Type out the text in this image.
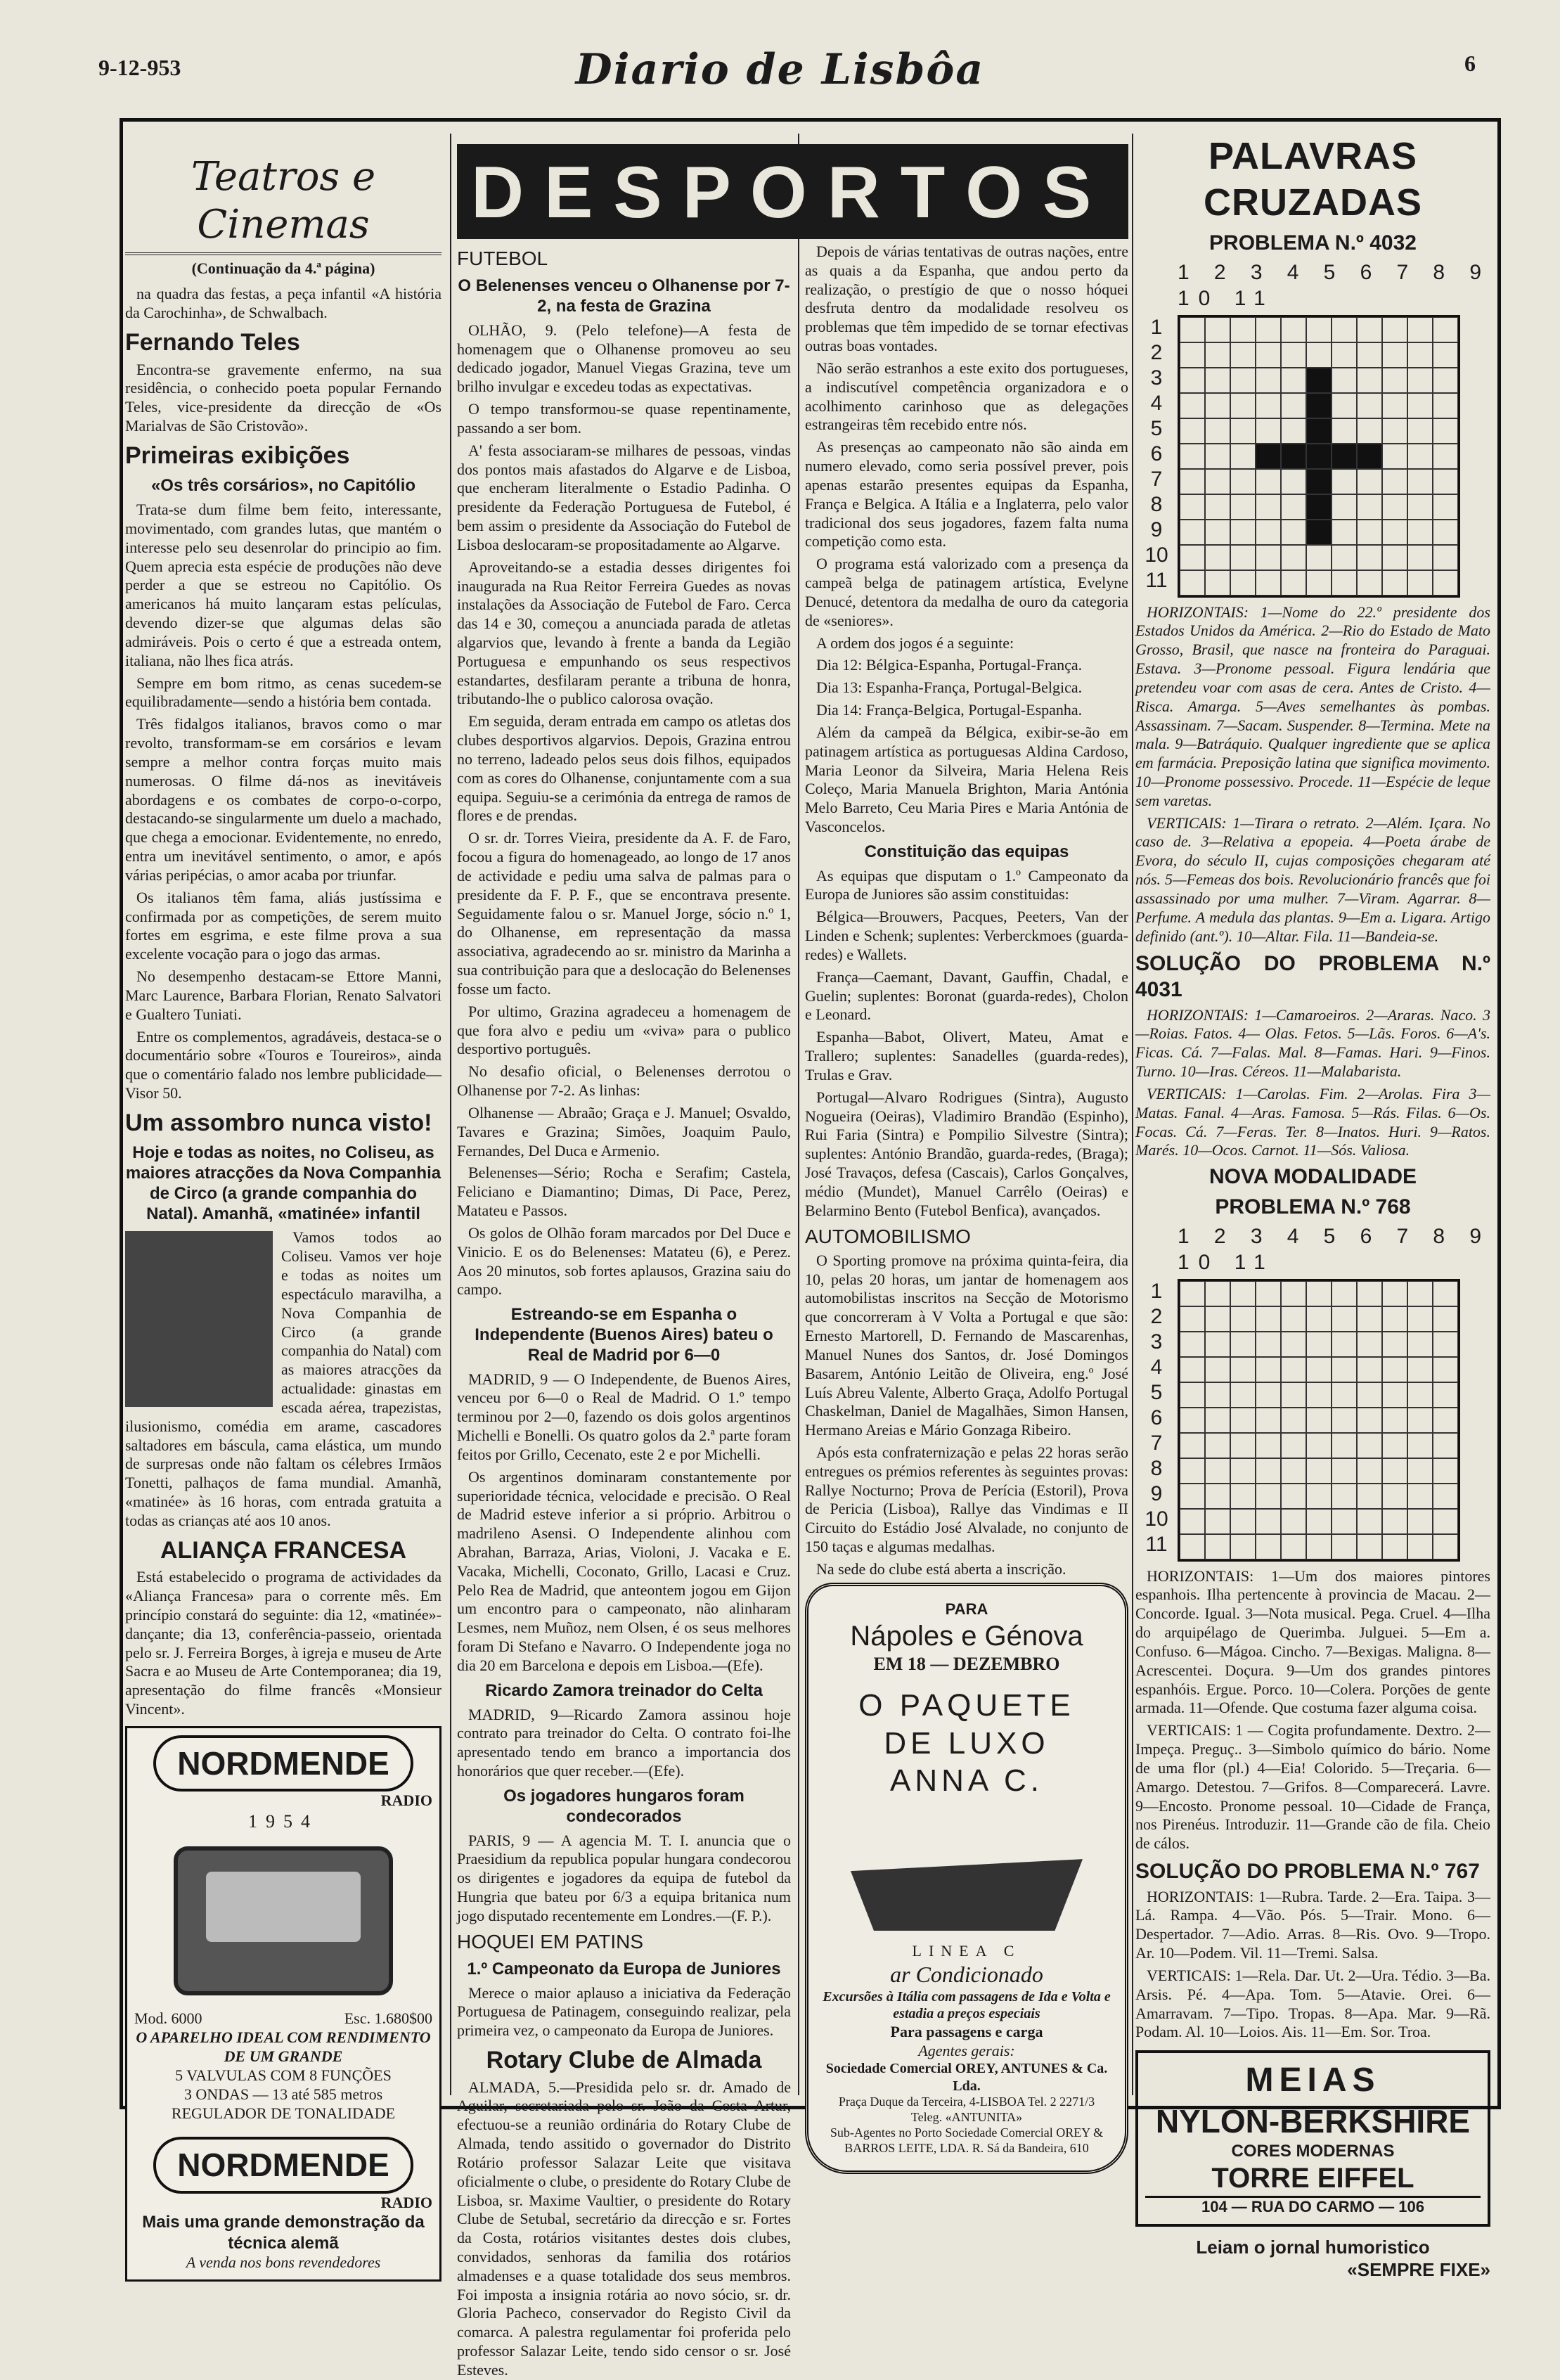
9-12-953	Diario de Lisbôa	6
Teatros e Cinemas
(Continuação da 4.ª página)

na quadra das festas, a peça infantil «A história da Carochinha», de Schwalbach.

Fernando Teles

Encontra-se gravemente enfermo, na sua residência, o conhecido poeta popular Fernando Teles, vice-presidente da direcção de «Os Marialvas de São Cristovão».

Primeiras exibições
«Os três corsários», no Capitólio

Trata-se dum filme bem feito, interessante, movimentado, com grandes lutas, que mantém o interesse pelo seu desenrolar do principio ao fim. Quem aprecia esta espécie de produções não deve perder a que se estreou no Capitólio. Os americanos há muito lançaram estas películas, devendo dizer-se que algumas delas são admiráveis. Pois o certo é que a estreada ontem, italiana, não lhes fica atrás.

Sempre em bom ritmo, as cenas sucedem-se equilibradamente—sendo a história bem contada.

Três fidalgos italianos, bravos como o mar revolto, transformam-se em corsários e levam sempre a melhor contra forças muito mais numerosas. O filme dá-nos as inevitáveis abordagens e os combates de corpo-o-corpo, destacando-se singularmente um duelo a machado, que chega a emocionar. Evidentemente, no enredo, entra um inevitável sentimento, o amor, e após várias peripécias, o amor acaba por triunfar.

Os italianos têm fama, aliás justíssima e confirmada por as competições, de serem muito fortes em esgrima, e este filme prova a sua excelente vocação para o jogo das armas.

No desempenho destacam-se Ettore Manni, Marc Laurence, Barbara Florian, Renato Salvatori e Gualtero Tuniati.

Entre os complementos, agradáveis, destaca-se o documentário sobre «Touros e Toureiros», ainda que o comentário falado nos lembre publicidade—Visor 50.

Um assombro nunca visto!
Hoje e todas as noites, no Coliseu, as maiores atracções da Nova Companhia de Circo (a grande companhia do Natal). Amanhã, «matinée» infantil

Vamos todos ao Coliseu. Vamos ver hoje e todas as noites um espectáculo maravilha, a Nova Companhia de Circo (a grande companhia do Natal) com as maiores atracções da actualidade: ginastas em escada aérea, trapezistas, ilusionismo, comédia em arame, cascadores saltadores em báscula, cama elástica, um mundo de surpresas onde não faltam os célebres Irmãos Tonetti, palhaços de fama mundial. Amanhã, «matinée» às 16 horas, com entrada gratuita a todas as crianças até aos 10 anos.

ALIANÇA FRANCESA

Está estabelecido o programa de actividades da «Aliança Francesa» para o corrente mês. Em princípio constará do seguinte: dia 12, «matinée»-dançante; dia 13, conferência-passeio, orientada pelo sr. J. Ferreira Borges, à igreja e museu de Arte Sacra e ao Museu de Arte Contemporanea; dia 19, apresentação do filme francês «Monsieur Vincent».

NORDMENDE
RADIO
1954
Mod. 6000	Esc. 1.680$00
O APARELHO IDEAL COM RENDIMENTO DE UM GRANDE
5 VALVULAS COM 8 FUNÇÕES
3 ONDAS — 13 até 585 metros
REGULADOR DE TONALIDADE
NORDMENDE
RADIO
Mais uma grande demonstração da técnica alemã
A venda nos bons revendedores
D E S P O R T O S
FUTEBOL
O Belenenses venceu o Olhanense por 7-2, na festa de Grazina

OLHÃO, 9. (Pelo telefone)—A festa de homenagem que o Olhanense promoveu ao seu dedicado jogador, Manuel Viegas Grazina, teve um brilho invulgar e excedeu todas as expectativas.

O tempo transformou-se quase repentinamente, passando a ser bom.

A' festa associaram-se milhares de pessoas, vindas dos pontos mais afastados do Algarve e de Lisboa, que encheram literalmente o Estadio Padinha. O presidente da Federação Portuguesa de Futebol, é bem assim o presidente da Associação do Futebol de Lisboa deslocaram-se propositadamente ao Algarve.

Aproveitando-se a estadia desses dirigentes foi inaugurada na Rua Reitor Ferreira Guedes as novas instalações da Associação de Futebol de Faro. Cerca das 14 e 30, começou a anunciada parada de atletas algarvios que, levando à frente a banda da Legião Portuguesa e empunhando os seus respectivos estandartes, desfilaram perante a tribuna de honra, tributando-lhe o publico calorosa ovação.

Em seguida, deram entrada em campo os atletas dos clubes desportivos algarvios. Depois, Grazina entrou no terreno, ladeado pelos seus dois filhos, equipados com as cores do Olhanense, conjuntamente com a sua equipa. Seguiu-se a cerimónia da entrega de ramos de flores e de prendas.

O sr. dr. Torres Vieira, presidente da A. F. de Faro, focou a figura do homenageado, ao longo de 17 anos de actividade e pediu uma salva de palmas para o presidente da F. P. F., que se encontrava presente. Seguidamente falou o sr. Manuel Jorge, sócio n.º 1, do Olhanense, em representação da massa associativa, agradecendo ao sr. ministro da Marinha a sua contribuição para que a deslocação do Belenenses fosse um facto.

Por ultimo, Grazina agradeceu a homenagem de que fora alvo e pediu um «viva» para o publico desportivo português.

No desafio oficial, o Belenenses derrotou o Olhanense por 7-2. As linhas:

Olhanense — Abraão; Graça e J. Manuel; Osvaldo, Tavares e Grazina; Simões, Joaquim Paulo, Fernandes, Del Duca e Armenio.

Belenenses—Sério; Rocha e Serafim; Castela, Feliciano e Diamantino; Dimas, Di Pace, Perez, Matateu e Passos.

Os golos de Olhão foram marcados por Del Duce e Vinicio. E os do Belenenses: Matateu (6), e Perez. Aos 20 minutos, sob fortes aplausos, Grazina saiu do campo.

Estreando-se em Espanha o Independente (Buenos Aires) bateu o Real de Madrid por 6—0

MADRID, 9 — O Independente, de Buenos Aires, venceu por 6—0 o Real de Madrid. O 1.º tempo terminou por 2—0, fazendo os dois golos argentinos Michelli e Bonelli. Os quatro golos da 2.ª parte foram feitos por Grillo, Cecenato, este 2 e por Michelli.

Os argentinos dominaram constantemente por superioridade técnica, velocidade e precisão. O Real de Madrid esteve inferior a si próprio. Arbitrou o madrileno Asensi. O Independente alinhou com Abrahan, Barraza, Arias, Violoni, J. Vacaka e E. Vacaka, Michelli, Coconato, Grillo, Lacasi e Cruz. Pelo Rea de Madrid, que anteontem jogou em Gijon um encontro para o campeonato, não alinharam Lesmes, nem Muñoz, nem Olsen, é os seus melhores foram Di Stefano e Navarro. O Independente joga no dia 20 em Barcelona e depois em Lisboa.—(Efe).

Ricardo Zamora treinador do Celta

MADRID, 9—Ricardo Zamora assinou hoje contrato para treinador do Celta. O contrato foi-lhe apresentado tendo em branco a importancia dos honorários que quer receber.—(Efe).

Os jogadores hungaros foram condecorados

PARIS, 9 — A agencia M. T. I. anuncia que o Praesidium da republica popular hungara condecorou os dirigentes e jogadores da equipa de futebol da Hungria que bateu por 6/3 a equipa britanica num jogo disputado recentemente em Londres.—(F. P.).

HOQUEI EM PATINS
1.º Campeonato da Europa de Juniores

Merece o maior aplauso a iniciativa da Federação Portuguesa de Patinagem, conseguindo realizar, pela primeira vez, o campeonato da Europa de Juniores.

Rotary Clube de Almada

ALMADA, 5.—Presidida pelo sr. dr. Amado de Aguilar, secretariada pelo sr. João da Costa Artur, efectuou-se a reunião ordinária do Rotary Clube de Almada, tendo assitido o governador do Distrito Rotário professor Salazar Leite que visitava oficialmente o clube, o presidente do Rotary Clube de Lisboa, sr. Maxime Vaultier, o presidente do Rotary Clube de Setubal, secretário da direcção e sr. Fortes da Costa, rotários visitantes destes dois clubes, convidados, senhoras da familia dos rotários almadenses e a quase totalidade dos seus membros. Foi imposta a insignia rotária ao novo sócio, sr. dr. Gloria Pacheco, conservador do Registo Civil da comarca. A palestra regulamentar foi proferida pelo professor Salazar Leite, tendo sido censor o sr. José Esteves.

Depois de várias tentativas de outras nações, entre as quais a da Espanha, que andou perto da realização, o prestígio de que o nosso hóquei desfruta dentro da modalidade resolveu os problemas que têm impedido de se tornar efectivas outras boas vontades.

Não serão estranhos a este exito dos portugueses, a indiscutível competência organizadora e o acolhimento carinhoso que as delegações estrangeiras têm recebido entre nós.

As presenças ao campeonato não são ainda em numero elevado, como seria possível prever, pois apenas estarão presentes equipas da Espanha, França e Belgica. A Itália e a Inglaterra, pelo valor tradicional dos seus jogadores, fazem falta numa competição como esta.

O programa está valorizado com a presença da campeã belga de patinagem artística, Evelyne Denucé, detentora da medalha de ouro da categoria de «seniores».

A ordem dos jogos é a seguinte:

Dia 12: Bélgica-Espanha, Portugal-França.

Dia 13: Espanha-França, Portugal-Belgica.

Dia 14: França-Belgica, Portugal-Espanha.

Além da campeã da Bélgica, exibir-se-ão em patinagem artística as portuguesas Aldina Cardoso, Maria Leonor da Silveira, Maria Helena Reis Coleço, Maria Manuela Brighton, Maria Antónia Melo Barreto, Ceu Maria Pires e Maria Antónia de Vasconcelos.

Constituição das equipas

As equipas que disputam o 1.º Campeonato da Europa de Juniores são assim constituidas:

Bélgica—Brouwers, Pacques, Peeters, Van der Linden e Schenk; suplentes: Verberckmoes (guarda-redes) e Wallets.

França—Caemant, Davant, Gauffin, Chadal, e Guelin; suplentes: Boronat (guarda-redes), Cholon e Leonard.

Espanha—Babot, Olivert, Mateu, Amat e Trallero; suplentes: Sanadelles (guarda-redes), Trulas e Grav.

Portugal—Alvaro Rodrigues (Sintra), Augusto Nogueira (Oeiras), Vladimiro Brandão (Espinho), Rui Faria (Sintra) e Pompilio Silvestre (Sintra); suplentes: António Brandão, guarda-redes, (Braga); José Travaços, defesa (Cascais), Carlos Gonçalves, médio (Mundet), Manuel Carrêlo (Oeiras) e Belarmino Bento (Futebol Benfica), avançados.

AUTOMOBILISMO

O Sporting promove na próxima quinta-feira, dia 10, pelas 20 horas, um jantar de homenagem aos automobilistas inscritos na Secção de Motorismo que concorreram à V Volta a Portugal e que são: Ernesto Martorell, D. Fernando de Mascarenhas, Manuel Nunes dos Santos, dr. José Domingos Basarem, António Leitão de Oliveira, eng.º José Luís Abreu Valente, Alberto Graça, Adolfo Portugal Chaskelman, Daniel de Magalhães, Simon Hansen, Hermano Areias e Mário Gonzaga Ribeiro.

Após esta confraternização e pelas 22 horas serão entregues os prémios referentes às seguintes provas: Rallye Nocturno; Prova de Perícia (Estoril), Prova de Pericia (Lisboa), Rallye das Vindimas e II Circuito do Estádio José Alvalade, no conjunto de 150 taças e algumas medalhas.

Na sede do clube está aberta a inscrição.

PARA
Nápoles e Génova
EM 18 — DEZEMBRO
O PAQUETE
DE LUXO
ANNA C.
LINEA C
ar Condicionado
Excursões à Itália com passagens de Ida e Volta e estadia a preços especiais
Para passagens e carga
Agentes gerais:
Sociedade Comercial OREY, ANTUNES & Ca. Lda.
Praça Duque da Terceira, 4-LISBOA Tel. 2 2271/3 Teleg. «ANTUNITA»
Sub-Agentes no Porto Sociedade Comercial OREY & BARROS LEITE, LDA. R. Sá da Bandeira, 610
PALAVRAS CRUZADAS
PROBLEMA N.º 4032
1 2 3 4 5 6 7 8 9 10 11
1
2
3
4
5
6
7
8
9
10
11

HORIZONTAIS: 1—Nome do 22.º presidente dos Estados Unidos da América. 2—Rio do Estado de Mato Grosso, Brasil, que nasce na fronteira do Paraguai. Estava. 3—Pronome pessoal. Figura lendária que pretendeu voar com asas de cera. Antes de Cristo. 4—Risca. Amarga. 5—Aves semelhantes às pombas. Assassinam. 7—Sacam. Suspender. 8—Termina. Mete na mala. 9—Batráquio. Qualquer ingrediente que se aplica em farmácia. Preposição latina que significa movimento. 10—Pronome possessivo. Procede. 11—Espécie de leque sem varetas.

VERTICAIS: 1—Tirara o retrato. 2—Além. Içara. No caso de. 3—Relativa a epopeia. 4—Poeta árabe de Evora, do século II, cujas composições chegaram até nós. 5—Femeas dos bois. Revolucionário francês que foi assassinado por uma mulher. 7—Viram. Agarrar. 8—Perfume. A medula das plantas. 9—Em a. Ligara. Artigo definido (ant.º). 10—Altar. Fila. 11—Bandeia-se.

SOLUÇÃO DO PROBLEMA N.º 4031

HORIZONTAIS: 1—Camaroeiros. 2—Araras. Naco. 3—Roias. Fatos. 4— Olas. Fetos. 5—Lãs. Foros. 6—A's. Ficas. Cá. 7—Falas. Mal. 8—Famas. Hari. 9—Finos. Turno. 10—Iras. Céreos. 11—Malabarista.

VERTICAIS: 1—Carolas. Fim. 2—Arolas. Fira 3—Matas. Fanal. 4—Aras. Famosa. 5—Rás. Filas. 6—Os. Focas. Cá. 7—Feras. Ter. 8—Inatos. Huri. 9—Ratos. Marés. 10—Ocos. Carnot. 11—Sós. Valiosa.

NOVA MODALIDADE
PROBLEMA N.º 768
1 2 3 4 5 6 7 8 9 10 11
1
2
3
4
5
6
7
8
9
10
11

HORIZONTAIS: 1—Um dos maiores pintores espanhois. Ilha pertencente à provincia de Macau. 2—Concorde. Igual. 3—Nota musical. Pega. Cruel. 4—Ilha do arquipélago de Querimba. Julguei. 5—Em a. Confuso. 6—Mágoa. Cincho. 7—Bexigas. Maligna. 8—Acrescentei. Doçura. 9—Um dos grandes pintores espanhóis. Ergue. Porco. 10—Colera. Porções de gente armada. 11—Ofende. Que costuma fazer alguma coisa.

VERTICAIS: 1 — Cogita profundamente. Dextro. 2—Impeça. Preguç.. 3—Simbolo químico do bário. Nome de uma flor (pl.) 4—Eia! Colorido. 5—Treçaria. 6—Amargo. Detestou. 7—Grifos. 8—Comparecerá. Lavre. 9—Encosto. Pronome pessoal. 10—Cidade de França, nos Pirenéus. Introduzir. 11—Grande cão de fila. Cheio de cálos.

SOLUÇÃO DO PROBLEMA N.º 767

HORIZONTAIS: 1—Rubra. Tarde. 2—Era. Taipa. 3—Lá. Rampa. 4—Vão. Pós. 5—Trair. Mono. 6—Despertador. 7—Adio. Arras. 8—Ris. Ovo. 9—Tropo. Ar. 10—Podem. Vil. 11—Tremi. Salsa.

VERTICAIS: 1—Rela. Dar. Ut. 2—Ura. Tédio. 3—Ba. Arsis. Pé. 4—Apa. Tom. 5—Atavie. Orei. 6—Amarravam. 7—Tipo. Tropas. 8—Apa. Mar. 9—Rã. Podam. Al. 10—Loios. Ais. 11—Em. Sor. Troa.

MEIAS
NYLON-BERKSHIRE
CORES MODERNAS
TORRE EIFFEL
104 — RUA DO CARMO — 106
Leiam o jornal humoristico
«SEMPRE FIXE»
